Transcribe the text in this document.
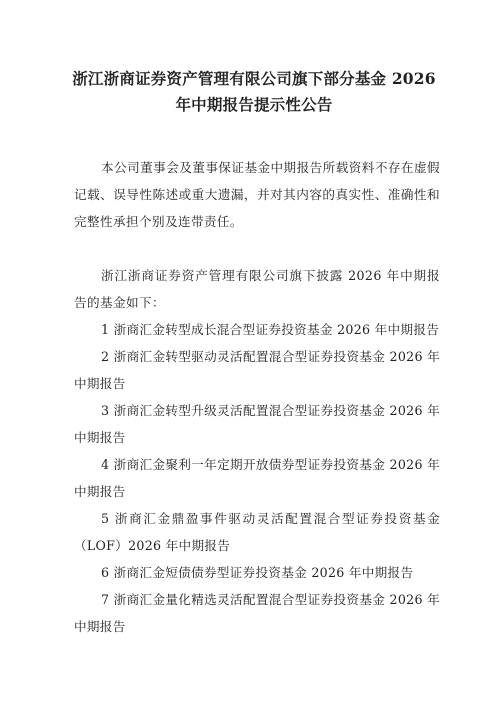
浙江浙商证券资产管理有限公司旗下部分基金 2026
年中期报告提示性公告

本公司董事会及董事保证基金中期报告所载资料不存在虚假记载、误导性陈述或重大遗漏，并对其内容的真实性、准确性和完整性承担个别及连带责任。

浙江浙商证券资产管理有限公司旗下披露 2026 年中期报告的基金如下：

1 浙商汇金转型成长混合型证券投资基金 2026 年中期报告

2 浙商汇金转型驱动灵活配置混合型证券投资基金 2026 年中期报告

3 浙商汇金转型升级灵活配置混合型证券投资基金 2026 年中期报告

4 浙商汇金聚利一年定期开放债券型证券投资基金 2026 年中期报告

5 浙商汇金鼎盈事件驱动灵活配置混合型证券投资基金（LOF）2026 年中期报告

6 浙商汇金短债债券型证券投资基金 2026 年中期报告

7 浙商汇金量化精选灵活配置混合型证券投资基金 2026 年中期报告
